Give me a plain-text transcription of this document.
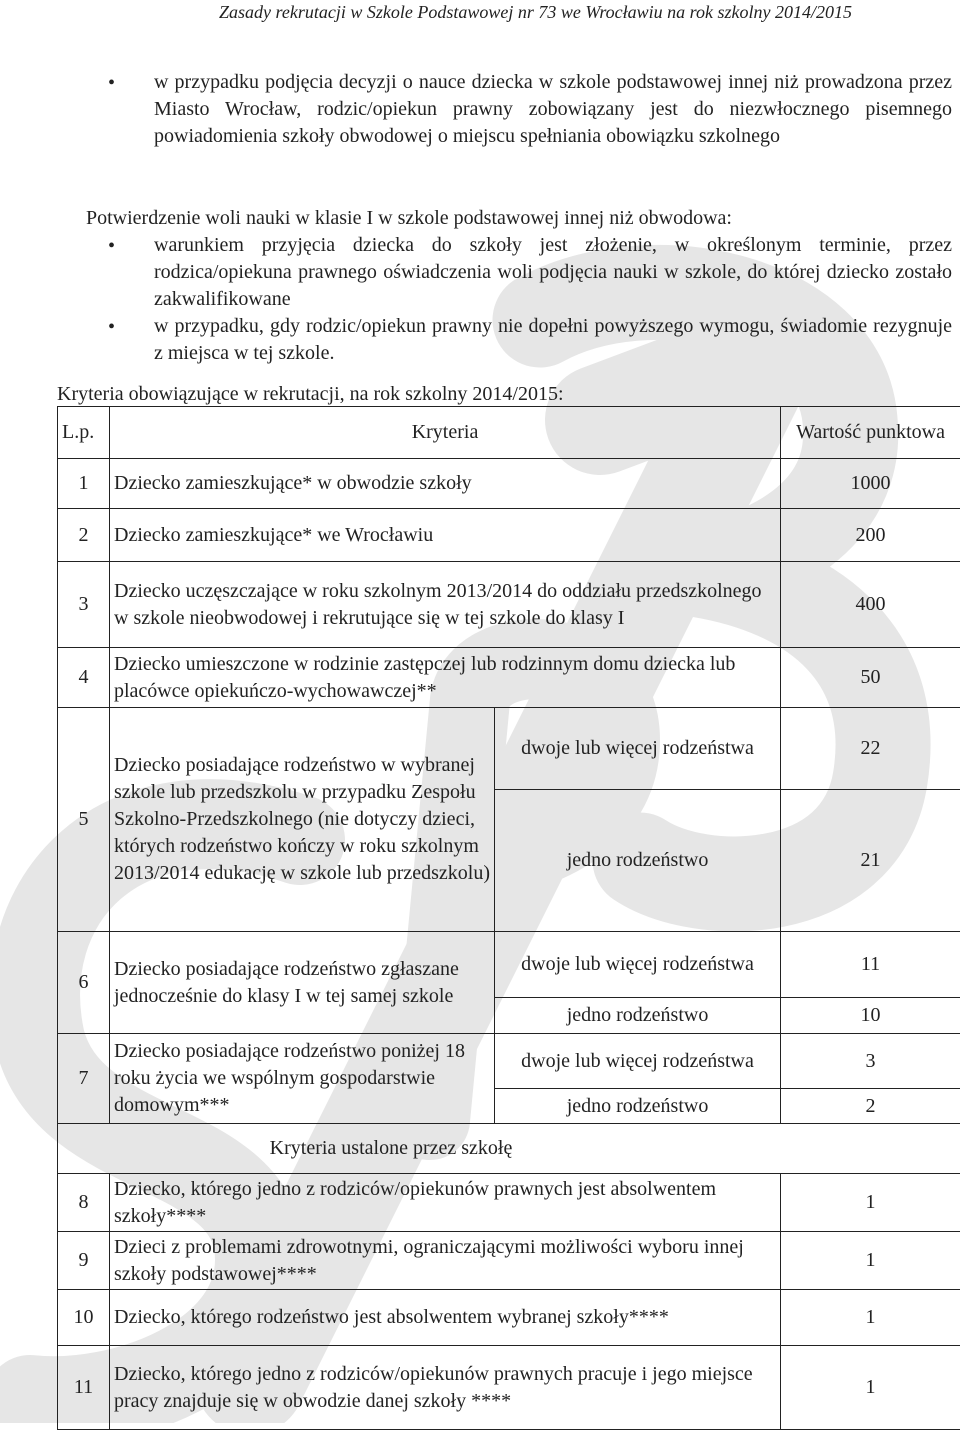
Zasady rekrutacji w Szkole Podstawowej nr 73 we Wrocławiu na rok szkolny 2014/2015
• w przypadku podjęcia decyzji o nauce dziecka w szkole podstawowej innej niż prowadzona przez Miasto Wrocław, rodzic/opiekun prawny zobowiązany jest do niezwłocznego pisemnego powiadomienia szkoły obwodowej o miejscu spełniania obowiązku szkolnego
Potwierdzenie woli nauki w klasie I w szkole podstawowej innej niż obwodowa:
• warunkiem przyjęcia dziecka do szkoły jest złożenie, w określonym terminie, przez rodzica/opiekuna prawnego oświadczenia woli podjęcia nauki w szkole, do której dziecko zostało zakwalifikowane
• w przypadku, gdy rodzic/opiekun prawny nie dopełni powyższego wymogu, świadomie rezygnuje z miejsca w tej szkole.
Kryteria obowiązujące w rekrutacji, na rok szkolny 2014/2015:
L.p.	Kryteria		Wartość punktowa
1	Dziecko zamieszkujące* w obwodzie szkoły		1000
2	Dziecko zamieszkujące* we Wrocławiu		200
3	Dziecko uczęszczające w roku szkolnym 2013/2014 do oddziału przedszkolnego w szkole nieobwodowej i rekrutujące się w tej szkole do klasy I		400
4	Dziecko umieszczone w rodzinie zastępczej lub rodzinnym domu dziecka lub placówce opiekuńczo-wychowawczej**		50
5	Dziecko posiadające rodzeństwo w wybranej szkole lub przedszkolu w przypadku Zespołu Szkolno-Przedszkolnego (nie dotyczy dzieci, których rodzeństwo kończy w roku szkolnym 2013/2014 edukację w szkole lub przedszkolu)	dwoje lub więcej rodzeństwa	22
		jedno rodzeństwo	21
6	Dziecko posiadające rodzeństwo zgłaszane jednocześnie do klasy I w tej samej szkole	dwoje lub więcej rodzeństwa	11
		jedno rodzeństwo	10
7	Dziecko posiadające rodzeństwo poniżej 18 roku życia we wspólnym gospodarstwie domowym***	dwoje lub więcej rodzeństwa	3
		jedno rodzeństwo	2
Kryteria ustalone przez szkołę			
8	Dziecko, którego jedno z rodziców/opiekunów prawnych jest absolwentem szkoły****		1
9	Dzieci z problemami zdrowotnymi, ograniczającymi możliwości wyboru innej szkoły podstawowej****		1
10	Dziecko, którego rodzeństwo jest absolwentem wybranej szkoły****		1
11	Dziecko, którego jedno z rodziców/opiekunów prawnych pracuje i jego miejsce pracy znajduje się w obwodzie danej szkoły ****		1
